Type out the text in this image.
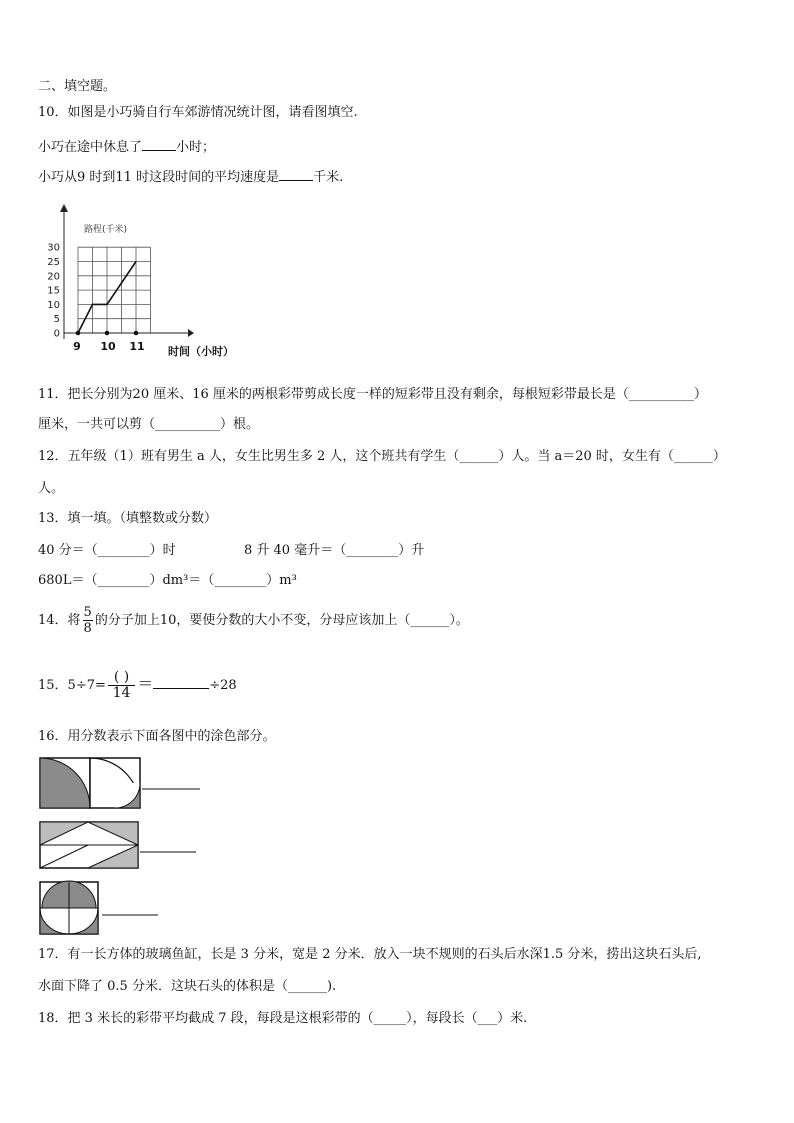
二、填空题。
10．如图是小巧骑自行车郊游情况统计图，请看图填空.
小巧在途中休息了	小时；
小巧从9 时到11 时这段时间的平均速度是	千米.
路程(千米)
0
5
10
15
20
25
30
9 10 11 时间（小时）
11．把长分别为20 厘米、16 厘米的两根彩带剪成长度一样的短彩带且没有剩余，每根短彩带最长是（__________）
厘米，一共可以剪（__________）根。
12．五年级（1）班有男生 a 人，女生比男生多 2 人，这个班共有学生（______）人。当 a＝20 时，女生有（______）
人。
13．填一填。（填整数或分数）
40 分＝（________）时	8 升 40 毫升＝（________）升
680L＝（________）dm³＝（________）m³
14．将 $\frac{5}{8}$ 的分子加上10，要使分数的大小不变，分母应该加上（______）。
15．$5\div 7= \frac{( )}{14}$ ＝	÷28
16．用分数表示下面各图中的涂色部分。
17．有一长方体的玻璃鱼缸，长是 3 分米，宽是 2 分米．放入一块不规则的石头后水深1.5 分米，捞出这块石头后,
水面下降了 0.5 分米．这块石头的体积是（______).
18．把 3 米长的彩带平均截成 7 段，每段是这根彩带的（_____），每段长（___）米.
